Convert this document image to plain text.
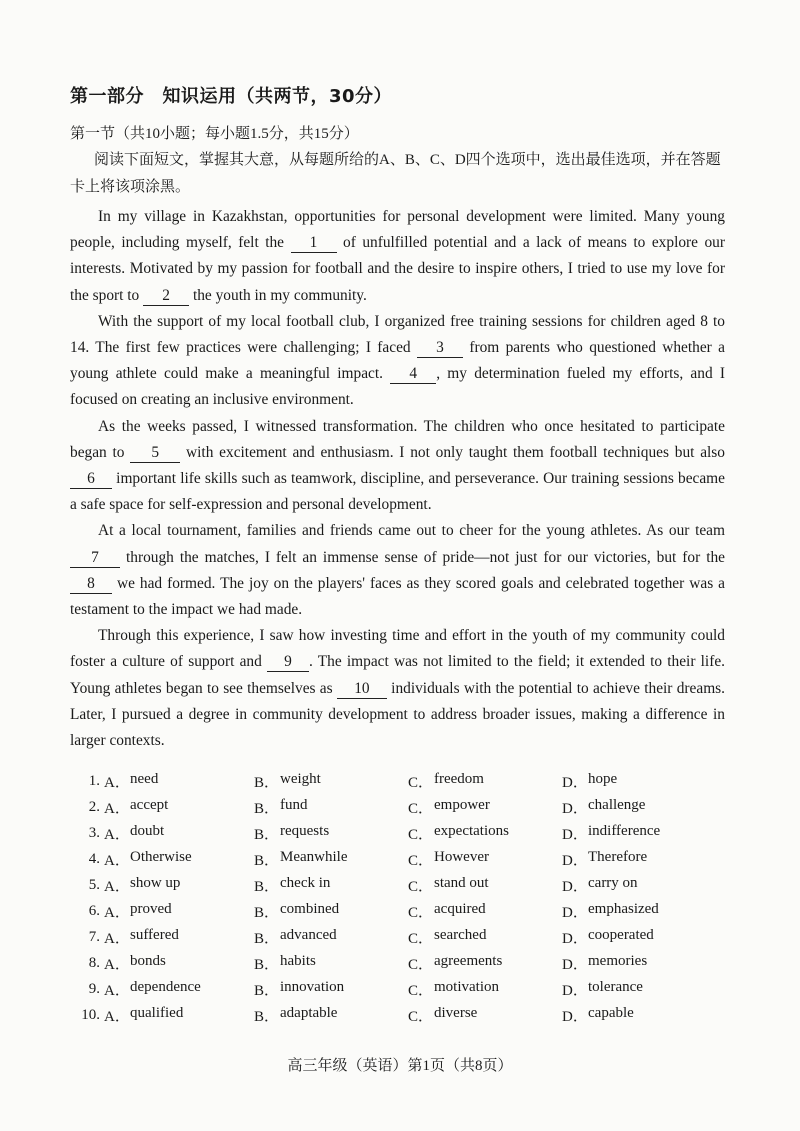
第一部分　知识运用（共两节，30分）
第一节（共10小题；每小题1.5分，共15分）

阅读下面短文，掌握其大意，从每题所给的A、B、C、D四个选项中，选出最佳选项，并在答题卡上将该项涂黑。

In my village in Kazakhstan, opportunities for personal development were limited. Many young people, including myself, felt the 1 of unfulfilled potential and a lack of means to explore our interests. Motivated by my passion for football and the desire to inspire others, I tried to use my love for the sport to 2 the youth in my community.

With the support of my local football club, I organized free training sessions for children aged 8 to 14. The first few practices were challenging; I faced 3 from parents who questioned whether a young athlete could make a meaningful impact. 4 , my determination fueled my efforts, and I focused on creating an inclusive environment.

As the weeks passed, I witnessed transformation. The children who once hesitated to participate began to 5 with excitement and enthusiasm. I not only taught them football techniques but also 6 important life skills such as teamwork, discipline, and perseverance. Our training sessions became a safe space for self-expression and personal development.

At a local tournament, families and friends came out to cheer for the young athletes. As our team 7 through the matches, I felt an immense sense of pride—not just for our victories, but for the 8 we had formed. The joy on the players' faces as they scored goals and celebrated together was a testament to the impact we had made.

Through this experience, I saw how investing time and effort in the youth of my community could foster a culture of support and 9 . The impact was not limited to the field; it extended to their life. Young athletes began to see themselves as 10 individuals with the potential to achieve their dreams. Later, I pursued a degree in community development to address broader issues, making a difference in larger contexts.

1. A． need	B． weight	C． freedom	D． hope
2. A． accept	B． fund	C． empower	D． challenge
3. A． doubt	B． requests	C． expectations	D． indifference
4. A． Otherwise	B． Meanwhile	C． However	D． Therefore
5. A． show up	B． check in	C． stand out	D． carry on
6. A． proved	B． combined	C． acquired	D． emphasized
7. A． suffered	B． advanced	C． searched	D． cooperated
8. A． bonds	B． habits	C． agreements	D． memories
9. A． dependence	B． innovation	C． motivation	D． tolerance
10. A． qualified	B． adaptable	C． diverse	D． capable
高三年级（英语）第1页（共8页）
